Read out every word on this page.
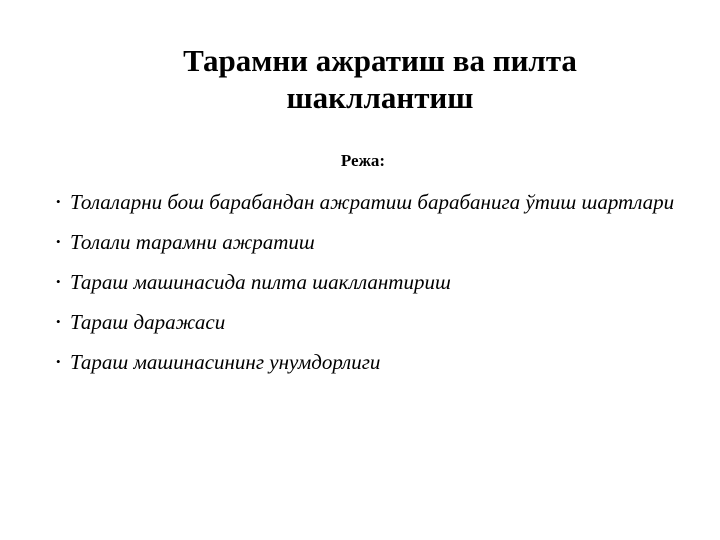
Тарамни ажратиш ва пилта шакллантиш

Режа:

• Толаларни бош барабандан ажратиш барабанига ўтиш шартлари
• Толали тарамни ажратиш
• Тараш машинасида пилта шакллантириш
• Тараш даражаси
• Тараш машинасининг унумдорлиги
